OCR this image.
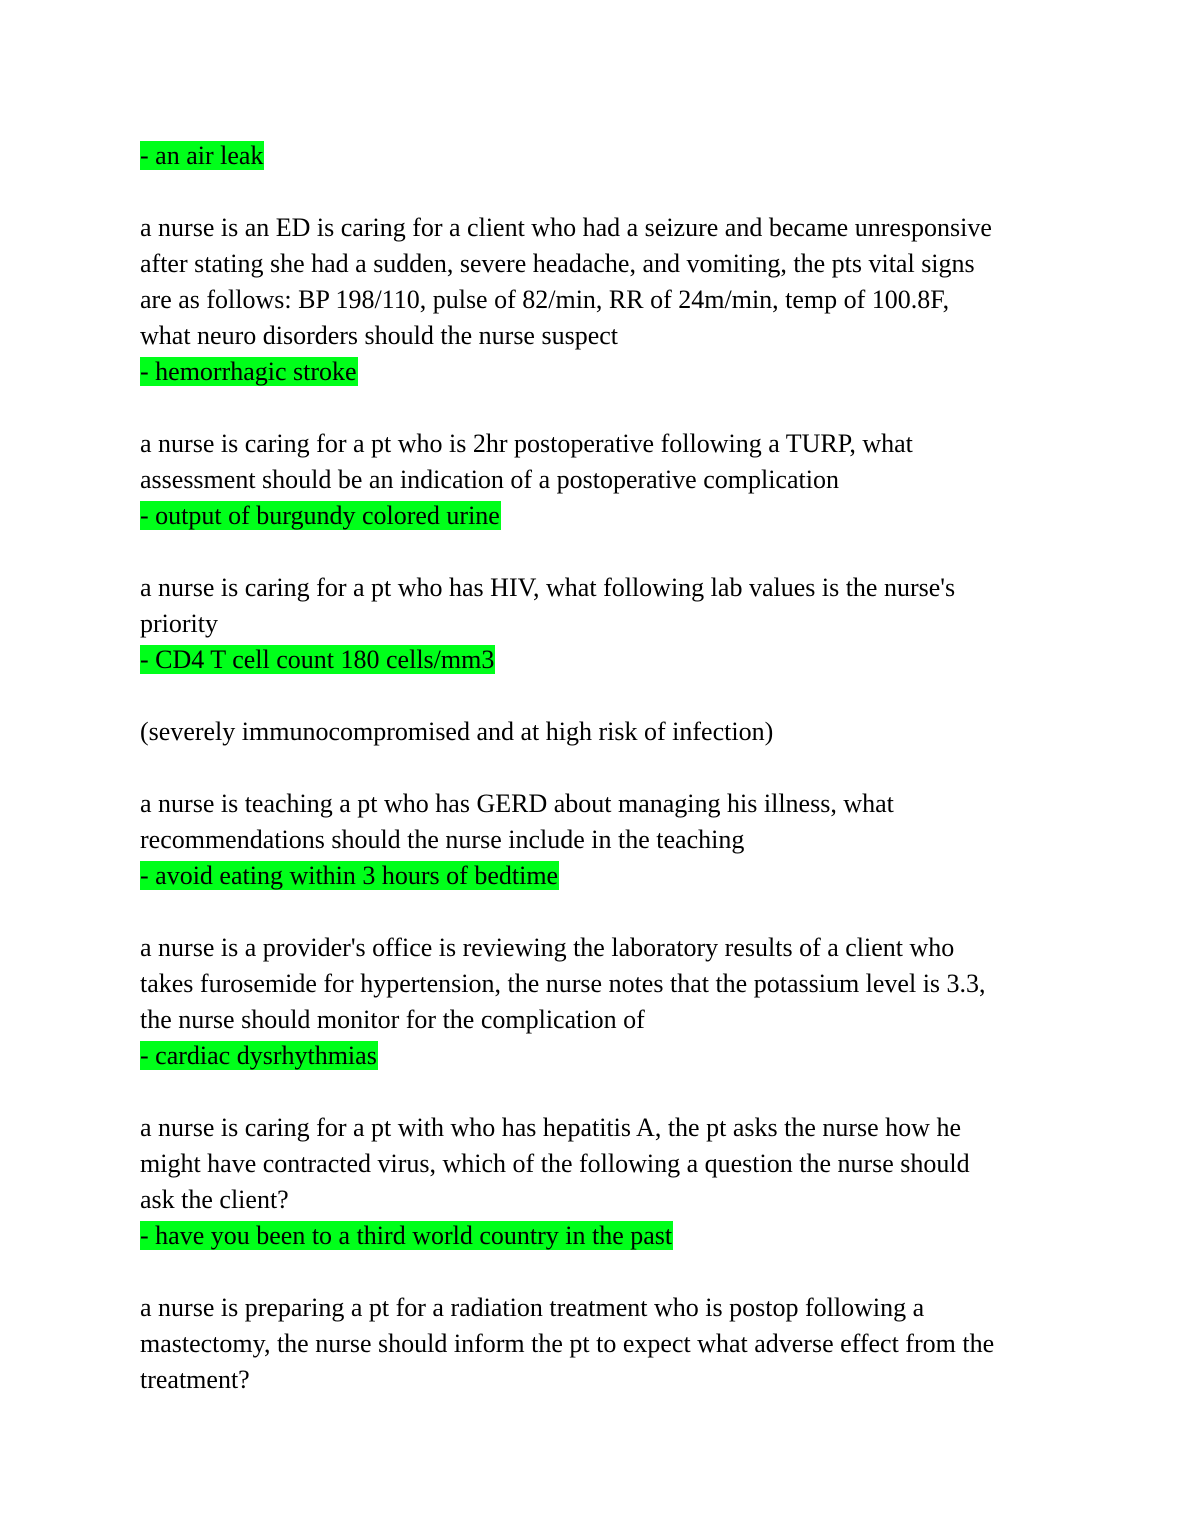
- an air leak
a nurse is an ED is caring for a client who had a seizure and became unresponsive
after stating she had a sudden, severe headache, and vomiting, the pts vital signs
are as follows: BP 198/110, pulse of 82/min, RR of 24m/min, temp of 100.8F,
what neuro disorders should the nurse suspect
- hemorrhagic stroke
a nurse is caring for a pt who is 2hr postoperative following a TURP, what
assessment should be an indication of a postoperative complication
- output of burgundy colored urine
a nurse is caring for a pt who has HIV, what following lab values is the nurse's
priority
- CD4 T cell count 180 cells/mm3
(severely immunocompromised and at high risk of infection)
a nurse is teaching a pt who has GERD about managing his illness, what
recommendations should the nurse include in the teaching
- avoid eating within 3 hours of bedtime
a nurse is a provider's office is reviewing the laboratory results of a client who
takes furosemide for hypertension, the nurse notes that the potassium level is 3.3,
the nurse should monitor for the complication of
- cardiac dysrhythmias
a nurse is caring for a pt with who has hepatitis A, the pt asks the nurse how he
might have contracted virus, which of the following a question the nurse should
ask the client?
- have you been to a third world country in the past
a nurse is preparing a pt for a radiation treatment who is postop following a
mastectomy, the nurse should inform the pt to expect what adverse effect from the
treatment?
